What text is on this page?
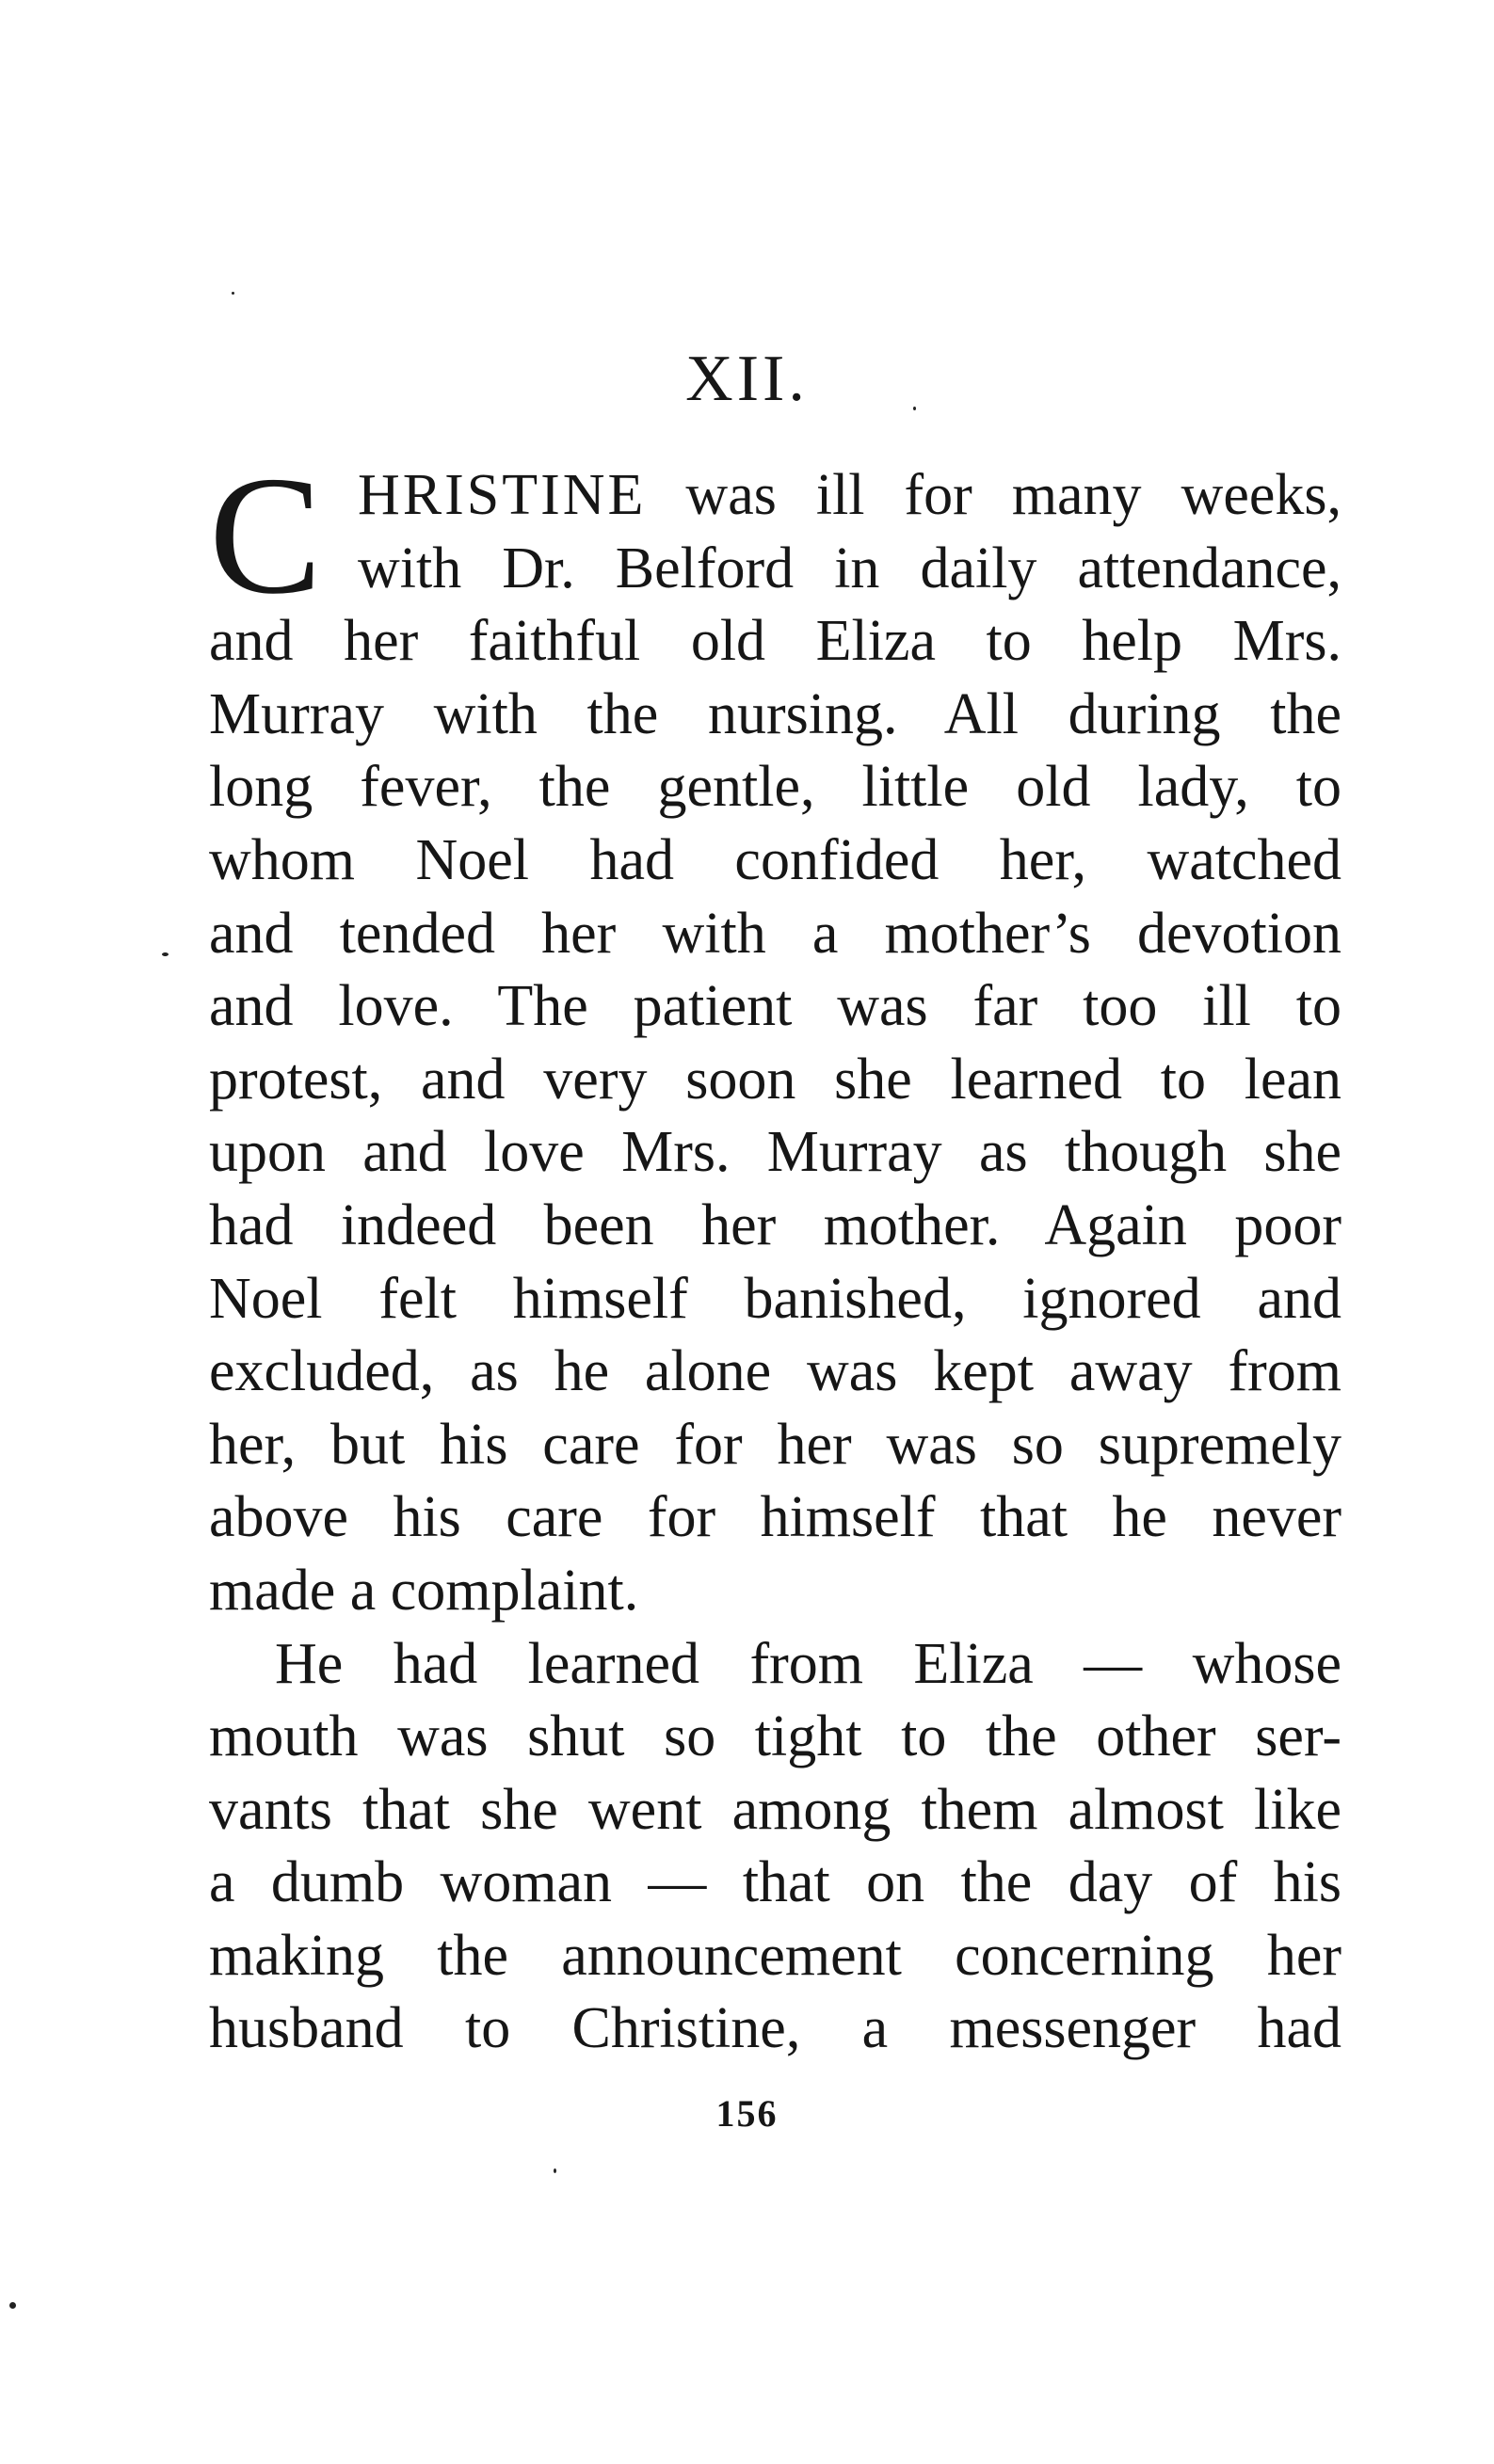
XII.
C HRISTINE was ill for many weeks,
with Dr. Belford in daily attendance,
and her faithful old Eliza to help Mrs.
Murray with the nursing. All during the
long fever, the gentle, little old lady, to
whom Noel had confided her, watched
and tended her with a mother’s devotion
and love. The patient was far too ill to
protest, and very soon she learned to lean
upon and love Mrs. Murray as though she
had indeed been her mother. Again poor
Noel felt himself banished, ignored and
excluded, as he alone was kept away from
her, but his care for her was so supremely
above his care for himself that he never
made a complaint.
He had learned from Eliza — whose
mouth was shut so tight to the other ser-
vants that she went among them almost like
a dumb woman — that on the day of his
making the announcement concerning her
husband to Christine, a messenger had
156
